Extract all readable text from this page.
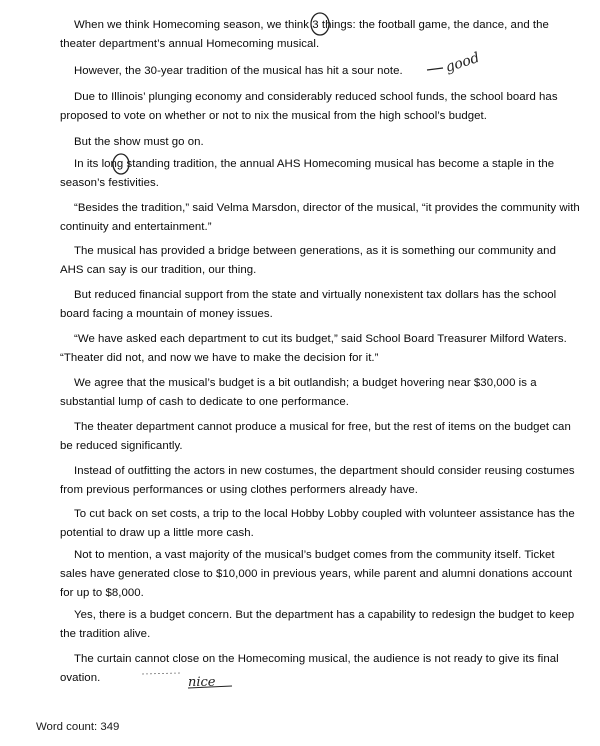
When we think Homecoming season, we think 3 things: the football game, the dance, and the theater department’s annual Homecoming musical.

However, the 30-year tradition of the musical has hit a sour note.

Due to Illinois’ plunging economy and considerably reduced school funds, the school board has proposed to vote on whether or not to nix the musical from the high school’s budget.

But the show must go on.

In its long standing tradition, the annual AHS Homecoming musical has become a staple in the season’s festivities.

“Besides the tradition,” said Velma Marsdon, director of the musical, “it provides the community with continuity and entertainment.”

The musical has provided a bridge between generations, as it is something our community and AHS can say is our tradition, our thing.

But reduced financial support from the state and virtually nonexistent tax dollars has the school board facing a mountain of money issues.

“We have asked each department to cut its budget,” said School Board Treasurer Milford Waters. “Theater did not, and now we have to make the decision for it.”

We agree that the musical’s budget is a bit outlandish; a budget hovering near $30,000 is a substantial lump of cash to dedicate to one performance.

The theater department cannot produce a musical for free, but the rest of items on the budget can be reduced significantly.

Instead of outfitting the actors in new costumes, the department should consider reusing costumes from previous performances or using clothes performers already have.

To cut back on set costs, a trip to the local Hobby Lobby coupled with volunteer assistance has the potential to draw up a little more cash.

Not to mention, a vast majority of the musical’s budget comes from the community itself. Ticket sales have generated close to $10,000 in previous years, while parent and alumni donations account for up to $8,000.

Yes, there is a budget concern. But the department has a capability to redesign the budget to keep the tradition alive.

The curtain cannot close on the Homecoming musical, the audience is not ready to give its final ovation.

Word count: 349

good
nice
